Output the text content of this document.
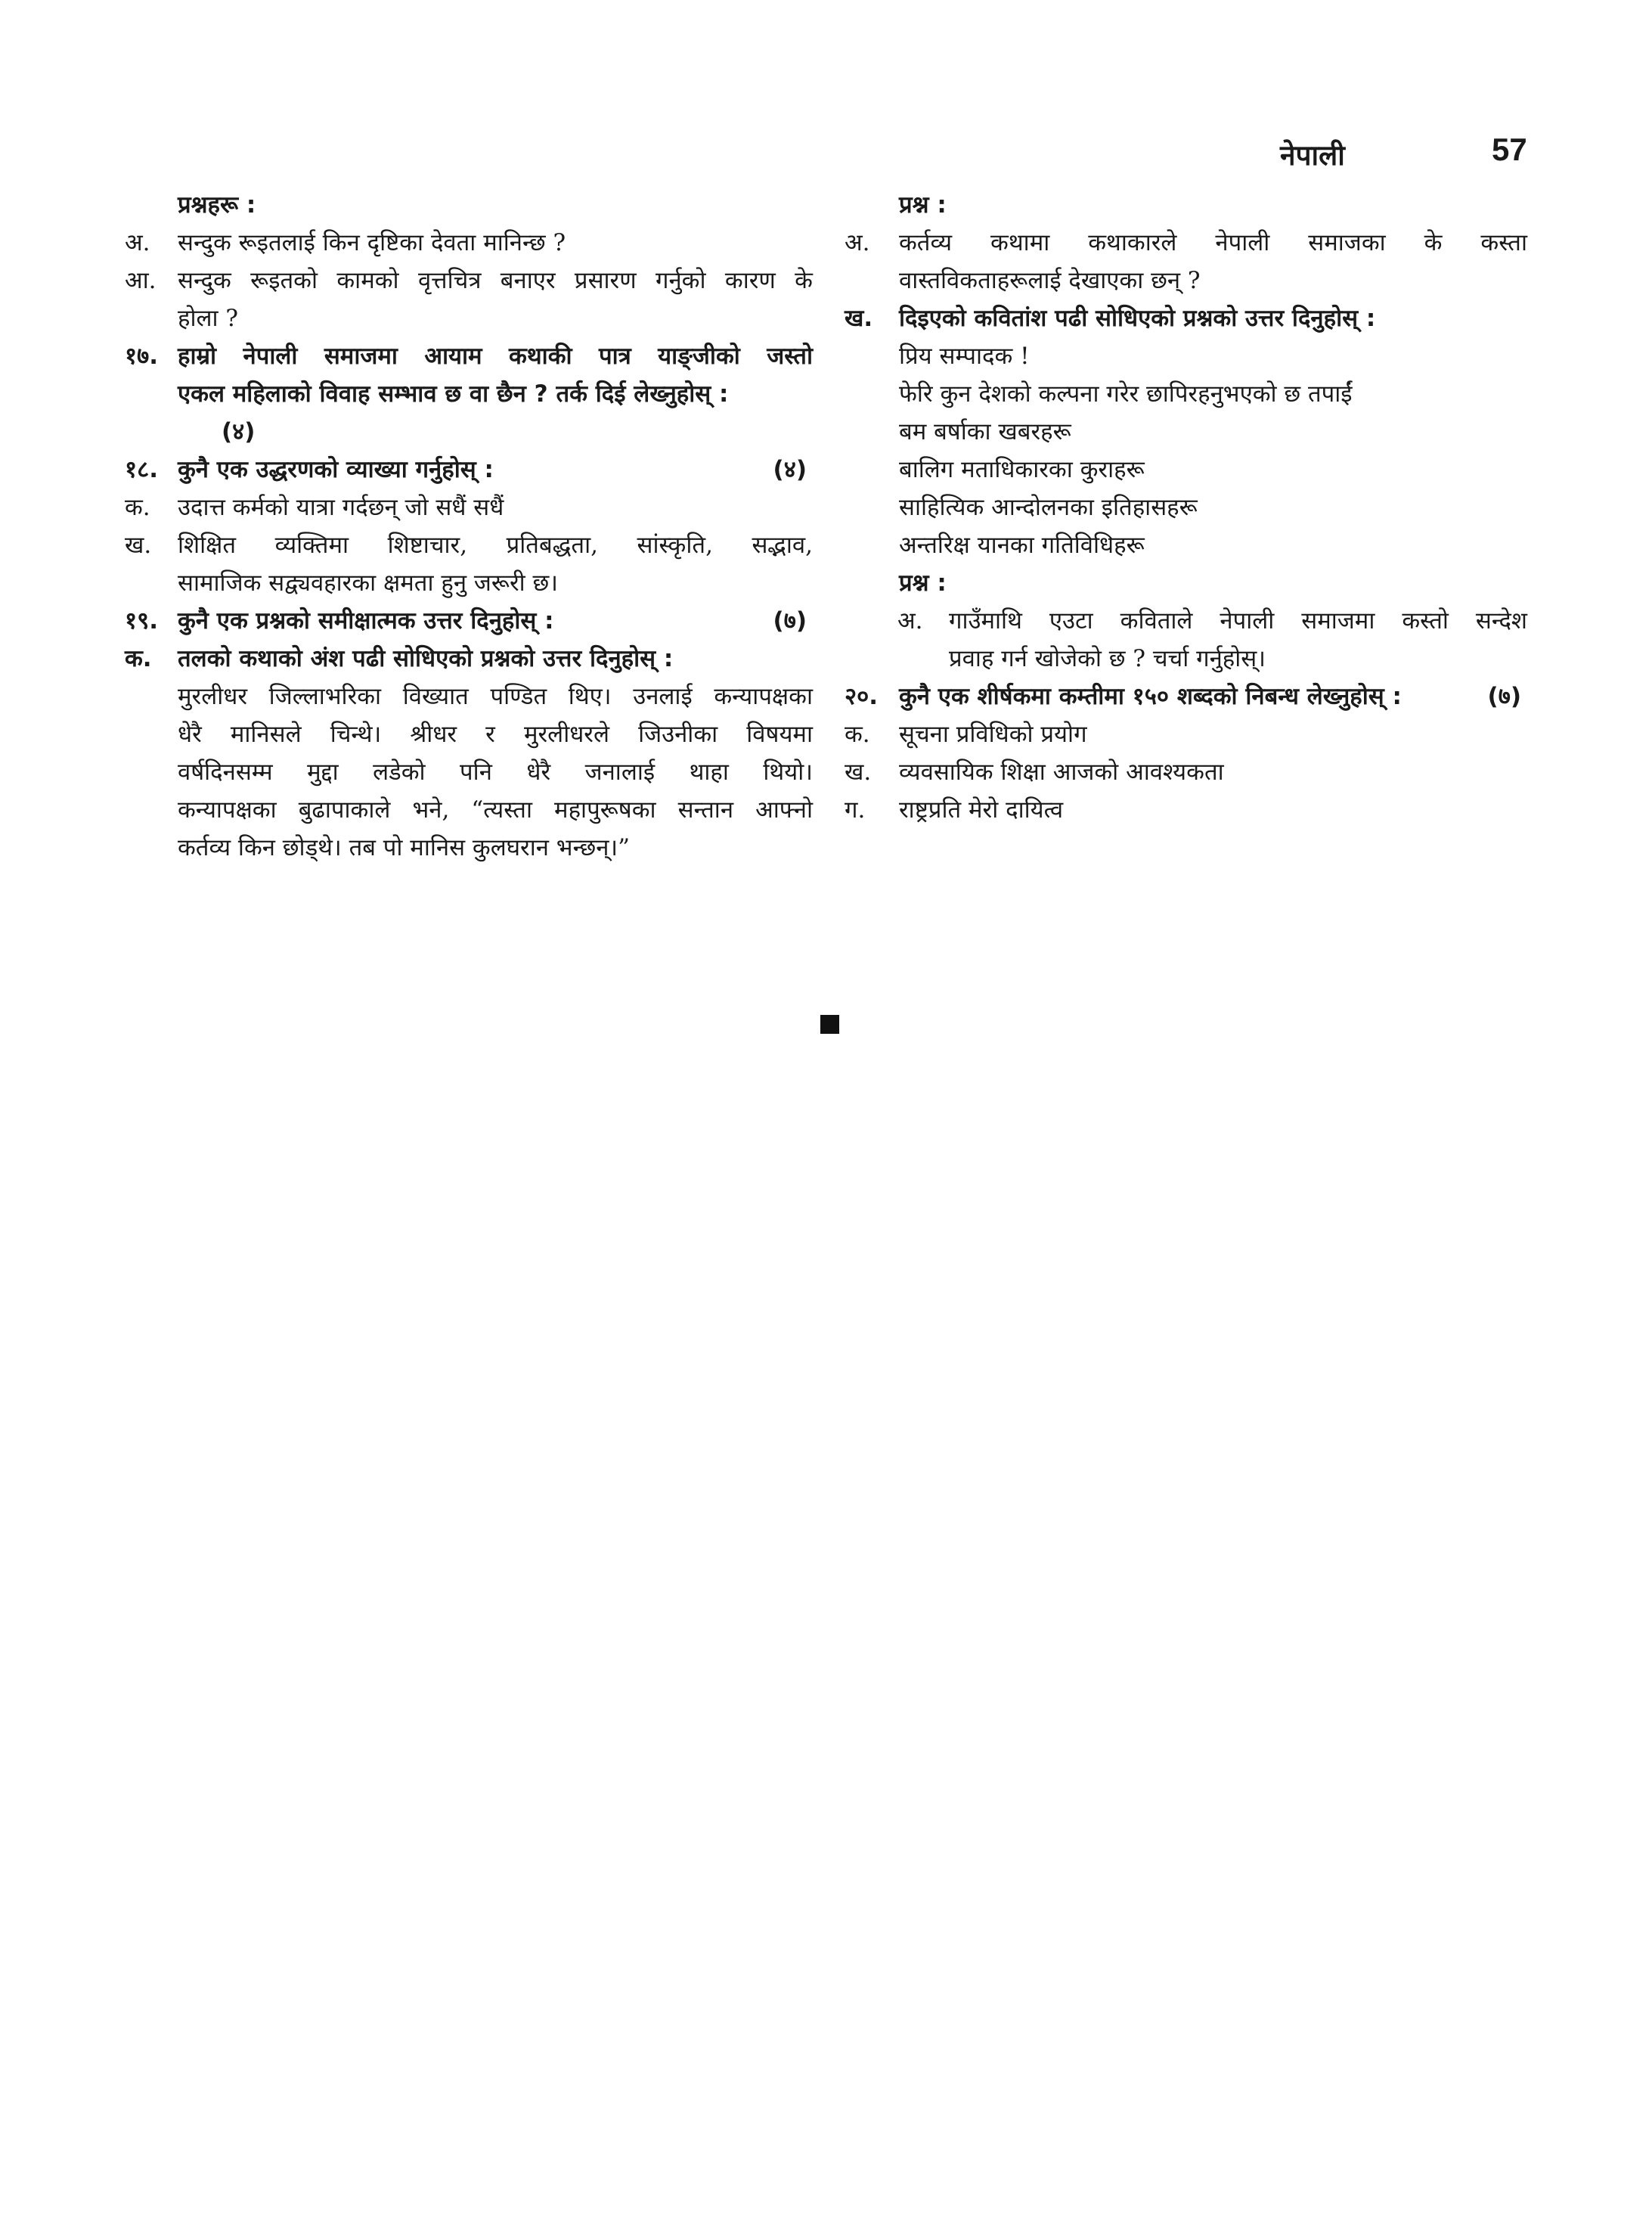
नेपाली	57
प्रश्नहरू :
अ.	सन्दुक रूइतलाई किन दृष्टिका देवता मानिन्छ ?
आ. सन्दुक रूइतको कामको वृत्तचित्र बनाएर प्रसारण गर्नुको कारण के
होला ?
१७. हाम्रो नेपाली समाजमा आयाम कथाकी पात्र याङ्जीको जस्तो
एकल महिलाको विवाह सम्भाव छ वा छैन ? तर्क दिई लेख्नुहोस् :
(४)
१८. कुनै एक उद्धरणको व्याख्या गर्नुहोस् :	(४)
क.	उदात्त कर्मको यात्रा गर्दछन् जो सधैं सधैं
ख.	शिक्षित व्यक्तिमा शिष्टाचार, प्रतिबद्धता, सांस्कृति, सद्भाव,
सामाजिक सद्व्यवहारका क्षमता हुनु जरूरी छ।
१९. कुनै एक प्रश्नको समीक्षात्मक उत्तर दिनुहोस् :	(७)
क.	तलको कथाको अंश पढी सोधिएको प्रश्नको उत्तर दिनुहोस् :
मुरलीधर जिल्लाभरिका विख्यात पण्डित थिए। उनलाई कन्यापक्षका
धेरै मानिसले चिन्थे। श्रीधर र मुरलीधरले जिउनीका विषयमा
वर्षदिनसम्म मुद्दा लडेको पनि धेरै जनालाई थाहा थियो।
कन्यापक्षका बुढापाकाले भने, “त्यस्ता महापुरूषका सन्तान आफ्नो
कर्तव्य किन छोड्थे। तब पो मानिस कुलघरान भन्छन्।”
प्रश्न :
अ.	कर्तव्य कथामा कथाकारले नेपाली समाजका के कस्ता
वास्तविकताहरूलाई देखाएका छन् ?
ख.	दिइएको कवितांश पढी सोधिएको प्रश्नको उत्तर दिनुहोस् :
प्रिय सम्पादक !
फेरि कुन देशको कल्पना गरेर छापिरहनुभएको छ तपाईं
बम बर्षाका खबरहरू
बालिग मताधिकारका कुराहरू
साहित्यिक आन्दोलनका इतिहासहरू
अन्तरिक्ष यानका गतिविधिहरू
प्रश्न :
अ.	गाउँमाथि एउटा कविताले नेपाली समाजमा कस्तो सन्देश
प्रवाह गर्न खोजेको छ ? चर्चा गर्नुहोस्।
२०. कुनै एक शीर्षकमा कम्तीमा १५० शब्दको निबन्ध लेख्नुहोस् :	(७)
क.	सूचना प्रविधिको प्रयोग
ख.	व्यवसायिक शिक्षा आजको आवश्यकता
ग.	राष्ट्रप्रति मेरो दायित्व
